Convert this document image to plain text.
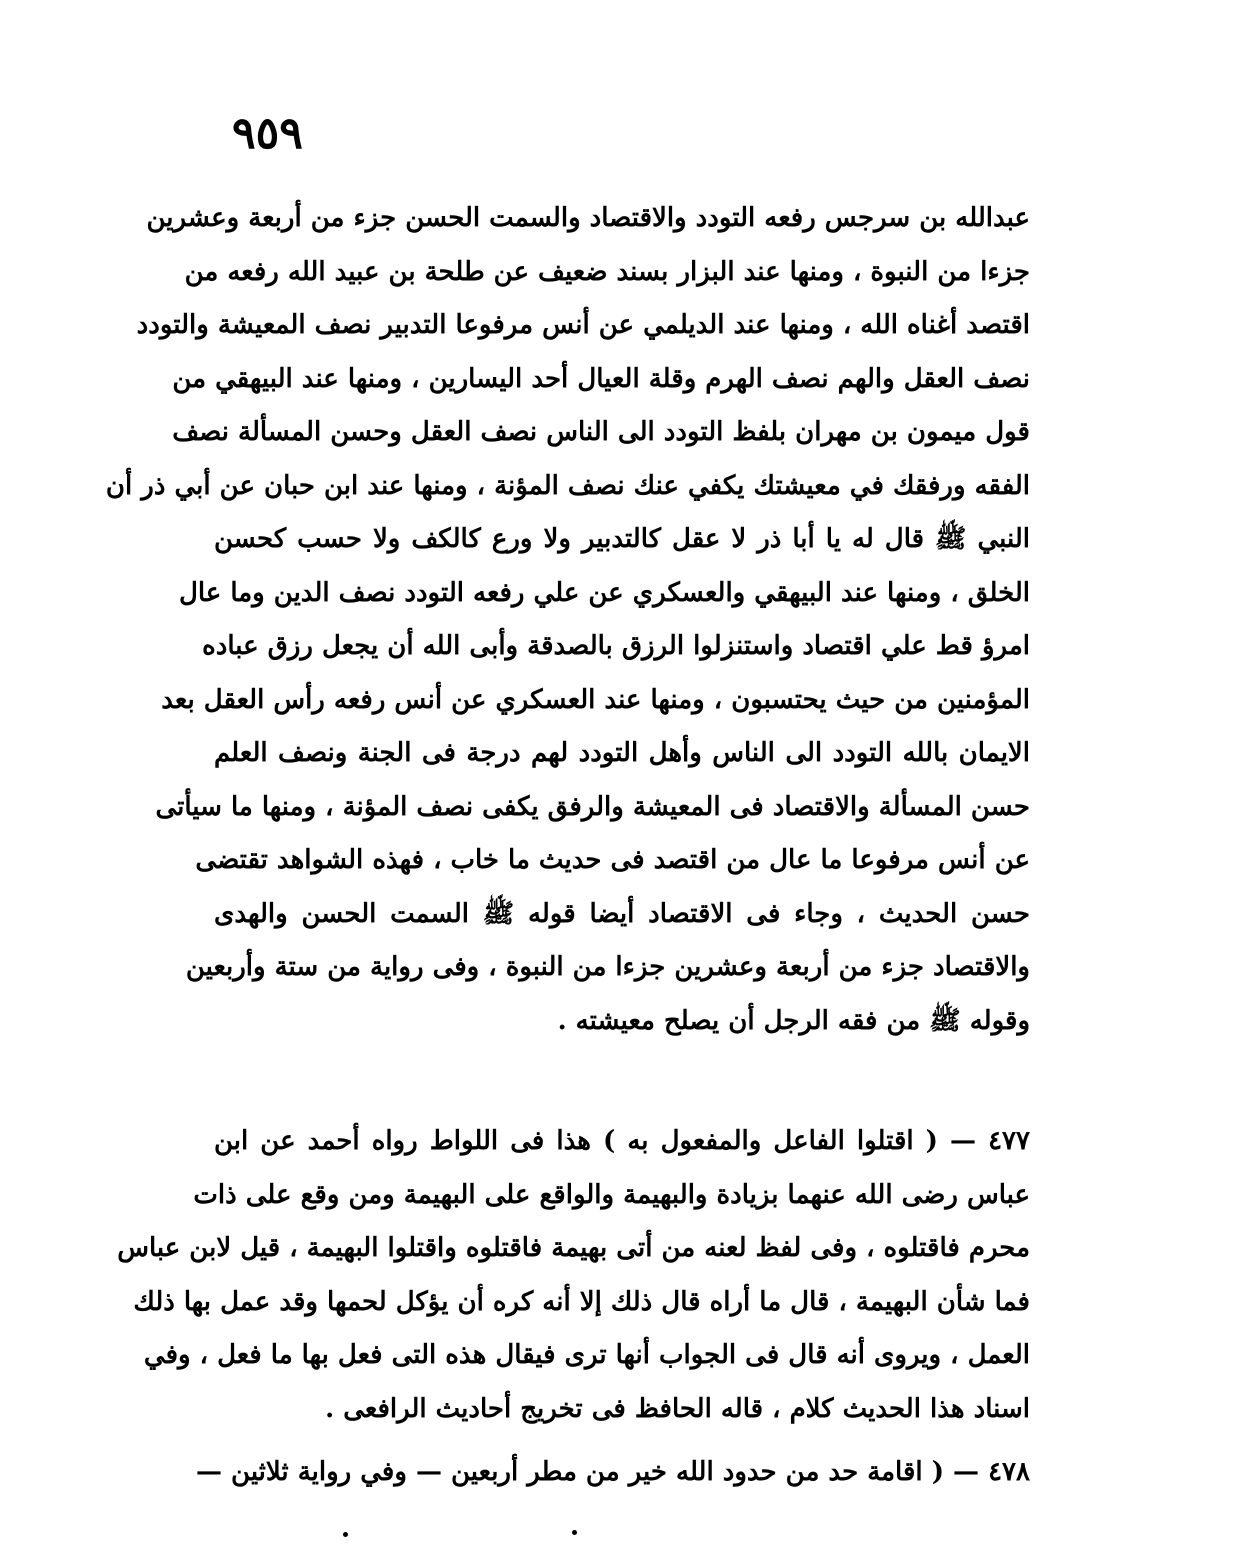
٩٥٩
عبدالله بن سرجس رفعه التودد والاقتصاد والسمت الحسن جزء من أربعة وعشرين
جزءا من النبوة ، ومنها عند البزار بسند ضعيف عن طلحة بن عبيد الله رفعه من
اقتصد أغناه الله ، ومنها عند الديلمي عن أنس مرفوعا التدبير نصف المعيشة والتودد
نصف العقل والهم نصف الهرم وقلة العيال أحد اليسارين ، ومنها عند البيهقي من
قول ميمون بن مهران بلفظ التودد الى الناس نصف العقل وحسن المسألة نصف
الفقه ورفقك في معيشتك يكفي عنك نصف المؤنة ، ومنها عند ابن حبان عن أبي ذر أن
النبي ﷺ قال له يا أبا ذر لا عقل كالتدبير ولا ورع كالكف ولا حسب كحسن
الخلق ، ومنها عند البيهقي والعسكري عن علي رفعه التودد نصف الدين وما عال
امرؤ قط علي اقتصاد واستنزلوا الرزق بالصدقة وأبى الله أن يجعل رزق عباده
المؤمنين من حيث يحتسبون ، ومنها عند العسكري عن أنس رفعه رأس العقل بعد
الايمان بالله التودد الى الناس وأهل التودد لهم درجة فى الجنة ونصف العلم
حسن المسألة والاقتصاد فى المعيشة والرفق يكفى نصف المؤنة ، ومنها ما سيأتى
عن أنس مرفوعا ما عال من اقتصد فى حديث ما خاب ، فهذه الشواهد تقتضى
حسن الحديث ، وجاء فى الاقتصاد أيضا قوله ﷺ السمت الحسن والهدى
والاقتصاد جزء من أربعة وعشرين جزءا من النبوة ، وفى رواية من ستة وأربعين
وقوله ﷺ من فقه الرجل أن يصلح معيشته .
٤٧٧ — ( اقتلوا الفاعل والمفعول به ) هذا فى اللواط رواه أحمد عن ابن
عباس رضى الله عنهما بزيادة والبهيمة والواقع على البهيمة ومن وقع على ذات
محرم فاقتلوه ، وفى لفظ لعنه من أتى بهيمة فاقتلوه واقتلوا البهيمة ، قيل لابن عباس
فما شأن البهيمة ، قال ما أراه قال ذلك إلا أنه كره أن يؤكل لحمها وقد عمل بها ذلك
العمل ، ويروى أنه قال فى الجواب أنها ترى فيقال هذه التى فعل بها ما فعل ، وفي
اسناد هذا الحديث كلام ، قاله الحافظ فى تخريج أحاديث الرافعى .
٤٧٨ — ( اقامة حد من حدود الله خير من مطر أربعين — وفي رواية ثلاثين —
